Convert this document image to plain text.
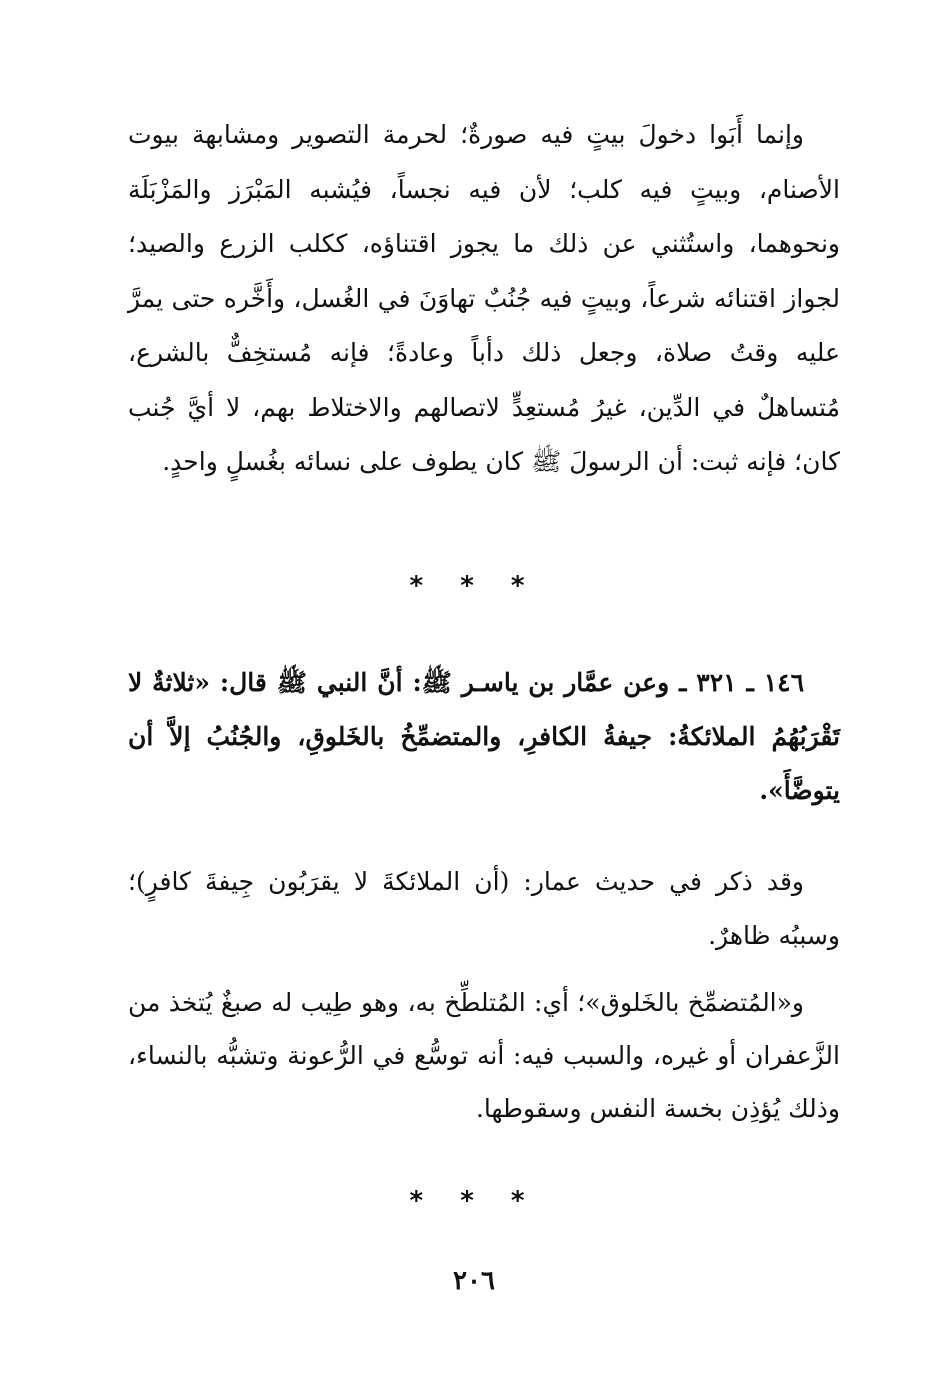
وإنما أَبَوا دخولَ بيتٍ فيه صورةٌ؛ لحرمة التصوير ومشابهة بيوت الأصنام، وبيتٍ فيه كلب؛ لأن فيه نجساً، فيُشبه المَبْرَز والمَزْبَلَة ونحوهما، واستُثني عن ذلك ما يجوز اقتناؤه، ككلب الزرع والصيد؛ لجواز اقتنائه شرعاً، وبيتٍ فيه جُنُبٌ تهاوَنَ في الغُسل، وأَخَّره حتى يمرَّ عليه وقتُ صلاة، وجعل ذلك دأباً وعادةً؛ فإنه مُستخِفٌّ بالشرع، مُتساهلٌ في الدِّين، غيرُ مُستعِدٍّ لاتصالهم والاختلاط بهم، لا أيَّ جُنب كان؛ فإنه ثبت: أن الرسولَ ﷺ كان يطوف على نسائه بغُسلٍ واحدٍ.

* * *

١٤٦ ـ ٣٢١ ـ وعن عمَّار بن ياسـر ﷺ: أنَّ النبي ﷺ قال: «ثلاثةٌ لا تَقْرَبُهُمُ الملائكةُ: جيفةُ الكافرِ، والمتضمِّخُ بالخَلوقِ، والجُنُبُ إلاَّ أن يتوضَّأَ».

وقد ذكر في حديث عمار: (أن الملائكةَ لا يقرَبُون جِيفةَ كافرٍ)؛ وسببُه ظاهرٌ.

و«المُتضمِّخ بالخَلوق»؛ أي: المُتلطِّخ به، وهو طِيب له صبغٌ يُتخذ من الزَّعفران أو غيره، والسبب فيه: أنه توسُّع في الرُّعونة وتشبُّه بالنساء، وذلك يُؤذِن بخسة النفس وسقوطها.

* * *
٢٠٦
